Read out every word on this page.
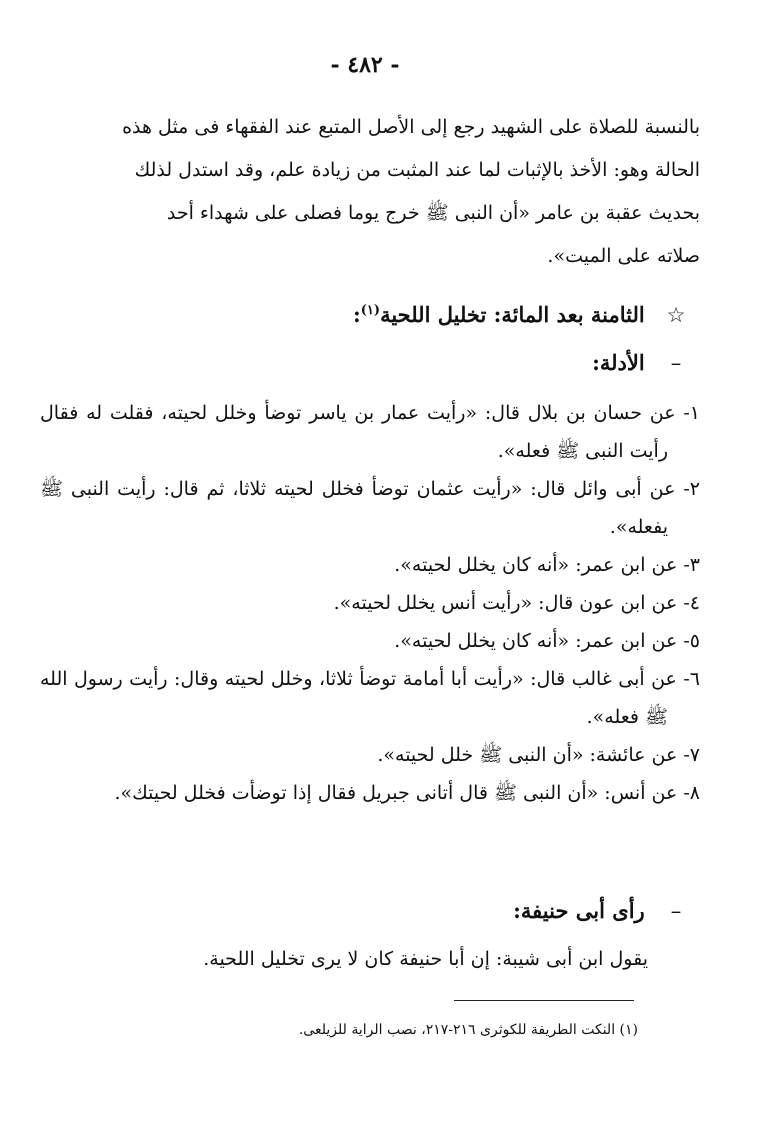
- ٤٨٢ -

بالنسبة للصلاة على الشهيد رجع إلى الأصل المتبع عند الفقهاء فى مثل هذه

الحالة وهو: الأخذ بالإثبات لما عند المثبت من زيادة علم، وقد استدل لذلك

بحديث عقبة بن عامر «أن النبى ﷺ خرج يوما فصلى على شهداء أحد

صلاته على الميت».

☆ الثامنة بعد المائة: تخليل اللحية$^{(١)}$:
– الأدلة:
١- عن حسان بن بلال قال: «رأيت عمار بن ياسر توضأ وخلل لحيته، فقلت له فقال رأيت النبى ﷺ فعله».
٢- عن أبى وائل قال: «رأيت عثمان توضأ فخلل لحيته ثلاثا، ثم قال: رأيت النبى ﷺ يفعله».
٣- عن ابن عمر: «أنه كان يخلل لحيته».
٤- عن ابن عون قال: «رأيت أنس يخلل لحيته».
٥- عن ابن عمر: «أنه كان يخلل لحيته».
٦- عن أبى غالب قال: «رأيت أبا أمامة توضأ ثلاثا، وخلل لحيته وقال: رأيت رسول الله ﷺ فعله».
٧- عن عائشة: «أن النبى ﷺ خلل لحيته».
٨- عن أنس: «أن النبى ﷺ قال أتانى جبريل فقال إذا توضأت فخلل لحيتك».
– رأى أبى حنيفة:
يقول ابن أبى شيبة: إن أبا حنيفة كان لا يرى تخليل اللحية.
(١) النكت الطريفة للكوثرى ٢١٦-٢١٧، نصب الراية للزيلعى.
